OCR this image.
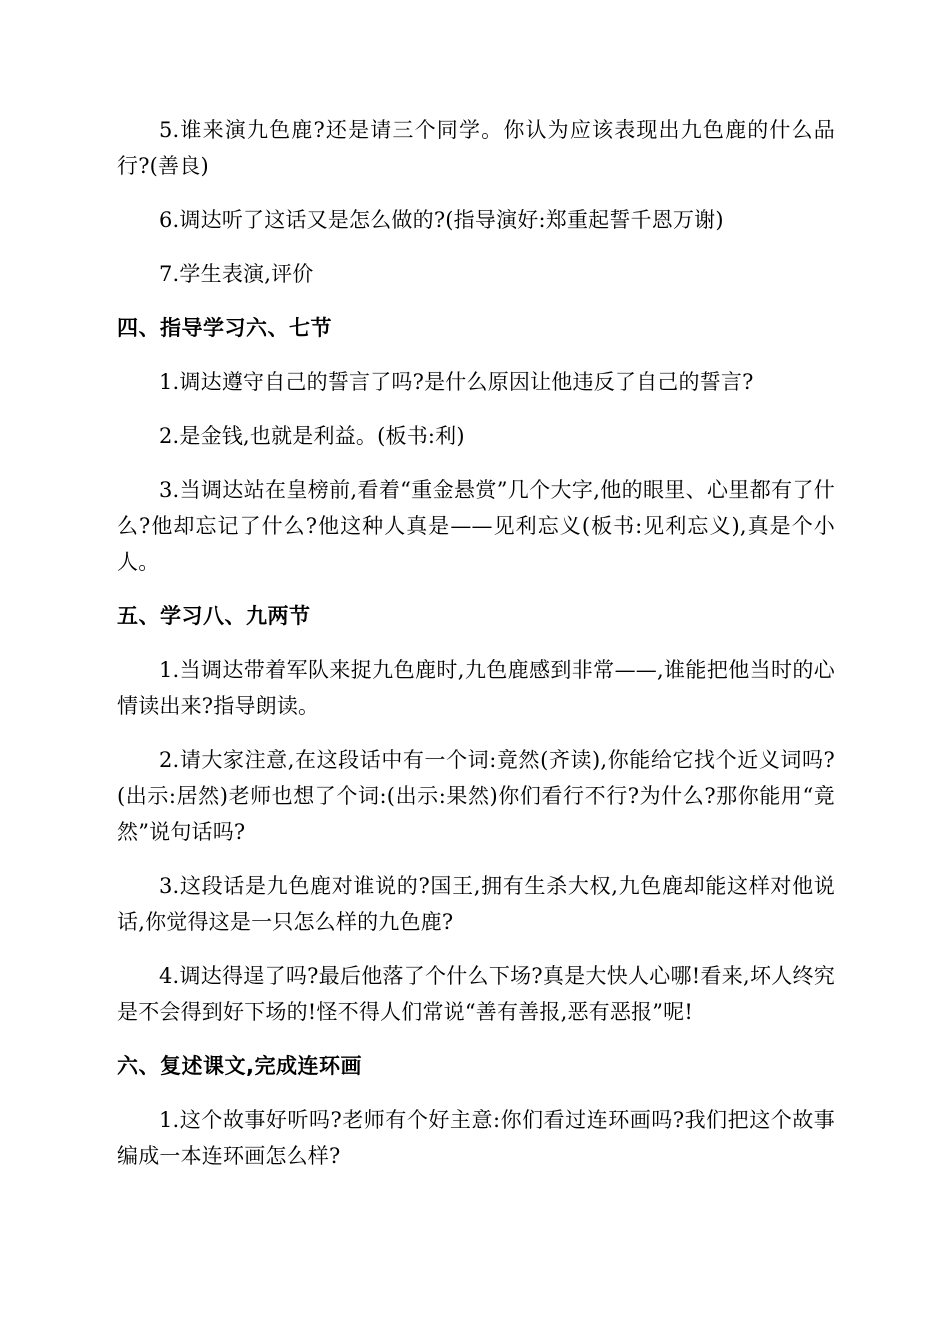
5.谁来演九色鹿?还是请三个同学。你认为应该表现出九色鹿的什么品行?(善良)

6.调达听了这话又是怎么做的?(指导演好:郑重起誓千恩万谢)

7.学生表演,评价

四、指导学习六、七节

1.调达遵守自己的誓言了吗?是什么原因让他违反了自己的誓言?

2.是金钱,也就是利益。(板书:利)

3.当调达站在皇榜前,看着“重金悬赏”几个大字,他的眼里、心里都有了什么?他却忘记了什么?他这种人真是——见利忘义(板书:见利忘义),真是个小人。

五、学习八、九两节

1.当调达带着军队来捉九色鹿时,九色鹿感到非常——,谁能把他当时的心情读出来?指导朗读。

2.请大家注意,在这段话中有一个词:竟然(齐读),你能给它找个近义词吗?(出示:居然)老师也想了个词:(出示:果然)你们看行不行?为什么?那你能用“竟然”说句话吗?

3.这段话是九色鹿对谁说的?国王,拥有生杀大权,九色鹿却能这样对他说话,你觉得这是一只怎么样的九色鹿?

4.调达得逞了吗?最后他落了个什么下场?真是大快人心哪!看来,坏人终究是不会得到好下场的!怪不得人们常说“善有善报,恶有恶报”呢!

六、复述课文,完成连环画

1.这个故事好听吗?老师有个好主意:你们看过连环画吗?我们把这个故事编成一本连环画怎么样?
